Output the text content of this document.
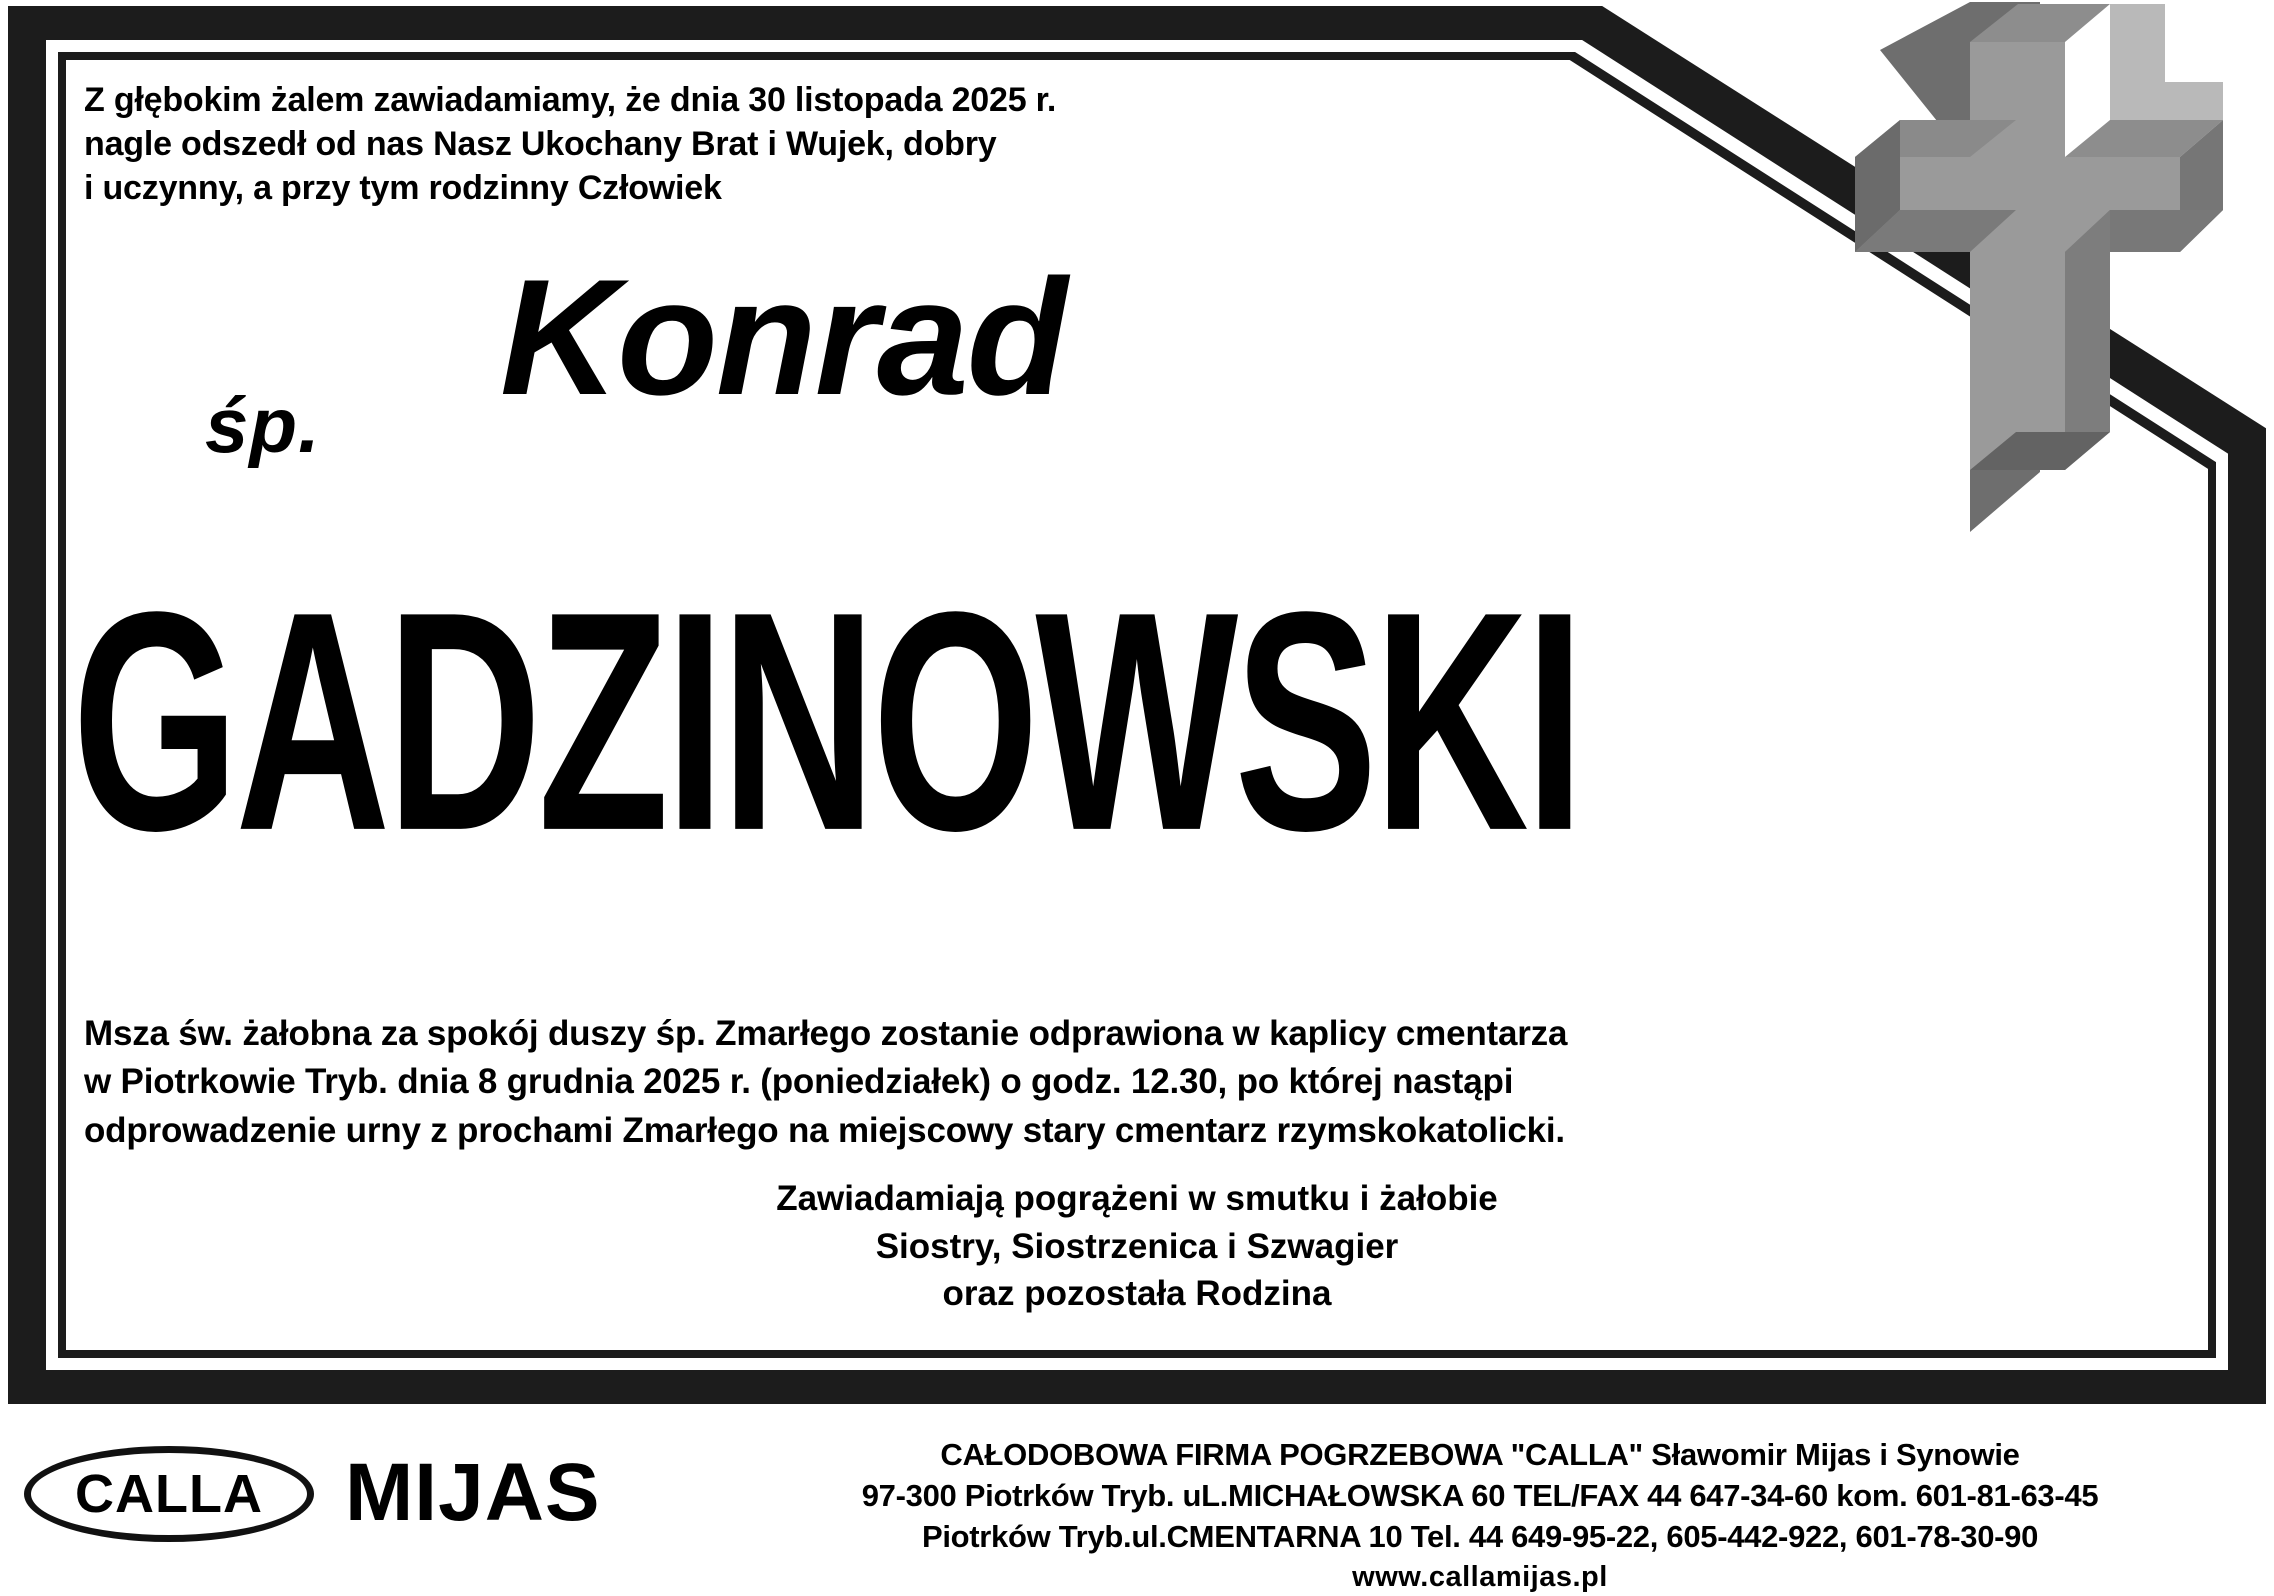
Z głębokim żalem zawiadamiamy, że dnia 30 listopada 2025 r.
nagle odszedł od nas Nasz Ukochany Brat i Wujek, dobry
i uczynny, a przy tym rodzinny Człowiek
śp. Konrad
GADZINOWSKI
Msza św. żałobna za spokój duszy śp. Zmarłego zostanie odprawiona w kaplicy cmentarza
w Piotrkowie Tryb. dnia 8 grudnia 2025 r. (poniedziałek) o godz. 12.30, po której nastąpi
odprowadzenie urny z prochami Zmarłego na miejscowy stary cmentarz rzymskokatolicki.
Zawiadamiają pogrążeni w smutku i żałobie
Siostry, Siostrzenica i Szwagier
oraz pozostała Rodzina
CALLA	MIJAS	CAŁODOBOWA FIRMA POGRZEBOWA "CALLA" Sławomir Mijas i Synowie
97-300 Piotrków Tryb. uL.MICHAŁOWSKA 60 TEL/FAX 44 647-34-60 kom. 601-81-63-45
Piotrków Tryb.ul.CMENTARNA 10 Tel. 44 649-95-22, 605-442-922, 601-78-30-90
www.callamijas.pl
